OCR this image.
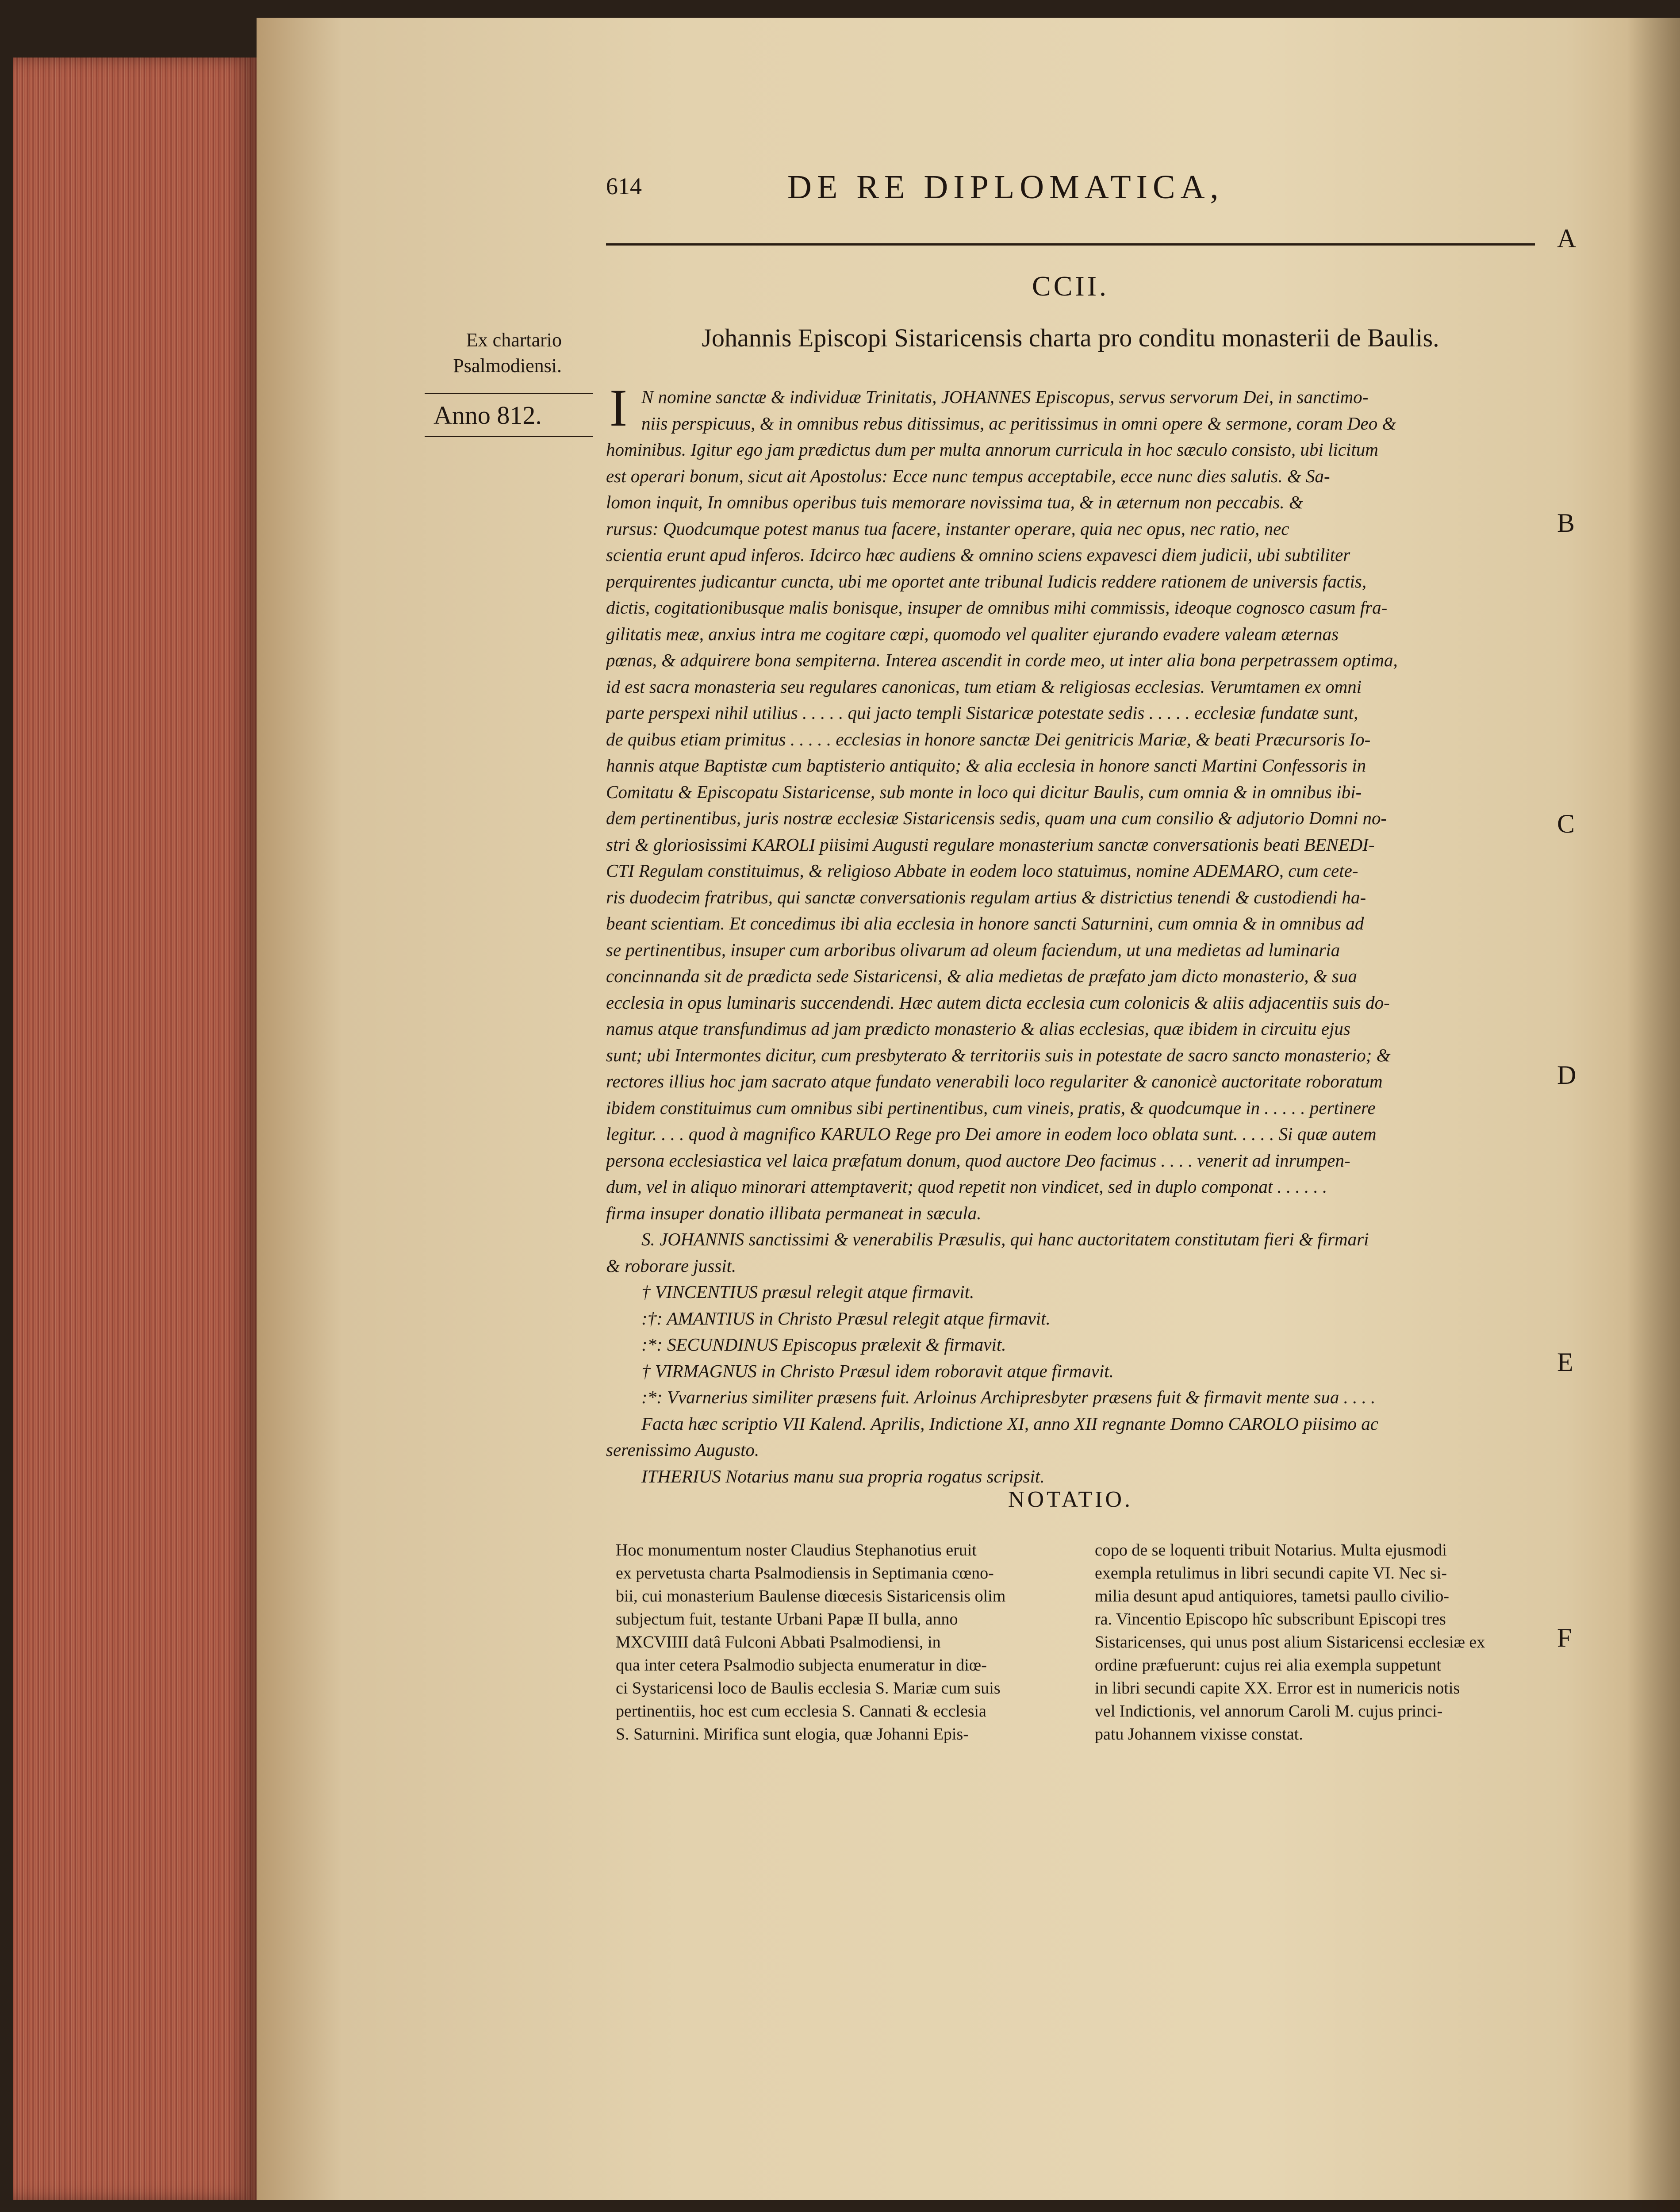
614	DE RE DIPLOMATICA,
A
B
C
D
E
F
Ex chartario
Psalmodiensi.
Anno 812.
CCII.
Johannis Episcopi Sistaricensis charta pro conditu monasterii de Baulis.
I N nomine sanctæ & individuæ Trinitatis, JOHANNES Episcopus, servus servorum Dei, in sanctimo-
niis perspicuus, & in omnibus rebus ditissimus, ac peritissimus in omni opere & sermone, coram Deo &
hominibus. Igitur ego jam prædictus dum per multa annorum curricula in hoc sæculo consisto, ubi licitum
est operari bonum, sicut ait Apostolus: Ecce nunc tempus acceptabile, ecce nunc dies salutis. & Sa-
lomon inquit, In omnibus operibus tuis memorare novissima tua, & in æternum non peccabis. &
rursus: Quodcumque potest manus tua facere, instanter operare, quia nec opus, nec ratio, nec
scientia erunt apud inferos. Idcirco hæc audiens & omnino sciens expavesci diem judicii, ubi subtiliter
perquirentes judicantur cuncta, ubi me oportet ante tribunal Iudicis reddere rationem de universis factis,
dictis, cogitationibusque malis bonisque, insuper de omnibus mihi commissis, ideoque cognosco casum fra-
gilitatis meæ, anxius intra me cogitare cœpi, quomodo vel qualiter ejurando evadere valeam æternas
pœnas, & adquirere bona sempiterna. Interea ascendit in corde meo, ut inter alia bona perpetrassem optima,
id est sacra monasteria seu regulares canonicas, tum etiam & religiosas ecclesias. Verumtamen ex omni
parte perspexi nihil utilius . . . . . qui jacto templi Sistaricæ potestate sedis . . . . . ecclesiæ fundatæ sunt,
de quibus etiam primitus . . . . . ecclesias in honore sanctæ Dei genitricis Mariæ, & beati Præcursoris Io-
hannis atque Baptistæ cum baptisterio antiquito; & alia ecclesia in honore sancti Martini Confessoris in
Comitatu & Episcopatu Sistaricense, sub monte in loco qui dicitur Baulis, cum omnia & in omnibus ibi-
dem pertinentibus, juris nostræ ecclesiæ Sistaricensis sedis, quam una cum consilio & adjutorio Domni no-
stri & gloriosissimi KAROLI piisimi Augusti regulare monasterium sanctæ conversationis beati BENEDI-
CTI Regulam constituimus, & religioso Abbate in eodem loco statuimus, nomine ADEMARO, cum cete-
ris duodecim fratribus, qui sanctæ conversationis regulam artius & districtius tenendi & custodiendi ha-
beant scientiam. Et concedimus ibi alia ecclesia in honore sancti Saturnini, cum omnia & in omnibus ad
se pertinentibus, insuper cum arboribus olivarum ad oleum faciendum, ut una medietas ad luminaria
concinnanda sit de prædicta sede Sistaricensi, & alia medietas de præfato jam dicto monasterio, & sua
ecclesia in opus luminaris succendendi. Hæc autem dicta ecclesia cum colonicis & aliis adjacentiis suis do-
namus atque transfundimus ad jam prædicto monasterio & alias ecclesias, quæ ibidem in circuitu ejus
sunt; ubi Intermontes dicitur, cum presbyterato & territoriis suis in potestate de sacro sancto monasterio; &
rectores illius hoc jam sacrato atque fundato venerabili loco regulariter & canonicè auctoritate roboratum
ibidem constituimus cum omnibus sibi pertinentibus, cum vineis, pratis, & quodcumque in . . . . . pertinere
legitur. . . . quod à magnifico KARULO Rege pro Dei amore in eodem loco oblata sunt. . . . . Si quæ autem
persona ecclesiastica vel laica præfatum donum, quod auctore Deo facimus . . . . venerit ad inrumpen-
dum, vel in aliquo minorari attemptaverit; quod repetit non vindicet, sed in duplo componat . . . . . .
firma insuper donatio illibata permaneat in sæcula.
S. JOHANNIS sanctissimi & venerabilis Præsulis, qui hanc auctoritatem constitutam fieri & firmari
& roborare jussit.
† VINCENTIUS præsul relegit atque firmavit.
:†: AMANTIUS in Christo Præsul relegit atque firmavit.
:*: SECUNDINUS Episcopus prælexit & firmavit.
† VIRMAGNUS in Christo Præsul idem roboravit atque firmavit.
:*: Vvarnerius similiter præsens fuit. Arloinus Archipresbyter præsens fuit & firmavit mente sua . . . .
Facta hæc scriptio VII Kalend. Aprilis, Indictione XI, anno XII regnante Domno CAROLO piisimo ac
serenissimo Augusto.
ITHERIUS Notarius manu sua propria rogatus scripsit.
NOTATIO.
Hoc monumentum noster Claudius Stephanotius eruit
ex pervetusta charta Psalmodiensis in Septimania cœno-
bii, cui monasterium Baulense diœcesis Sistaricensis olim
subjectum fuit, testante Urbani Papæ II bulla, anno
MXCVIIII datâ Fulconi Abbati Psalmodiensi, in
qua inter cetera Psalmodio subjecta enumeratur in diœ-
ci Systaricensi loco de Baulis ecclesia S. Mariæ cum suis
pertinentiis, hoc est cum ecclesia S. Cannati & ecclesia
S. Saturnini. Mirifica sunt elogia, quæ Johanni Epis-
copo de se loquenti tribuit Notarius. Multa ejusmodi
exempla retulimus in libri secundi capite VI. Nec si-
milia desunt apud antiquiores, tametsi paullo civilio-
ra. Vincentio Episcopo hîc subscribunt Episcopi tres
Sistaricenses, qui unus post alium Sistaricensi ecclesiæ ex
ordine præfuerunt: cujus rei alia exempla suppetunt
in libri secundi capite XX. Error est in numericis notis
vel Indictionis, vel annorum Caroli M. cujus princi-
patu Johannem vixisse constat.
